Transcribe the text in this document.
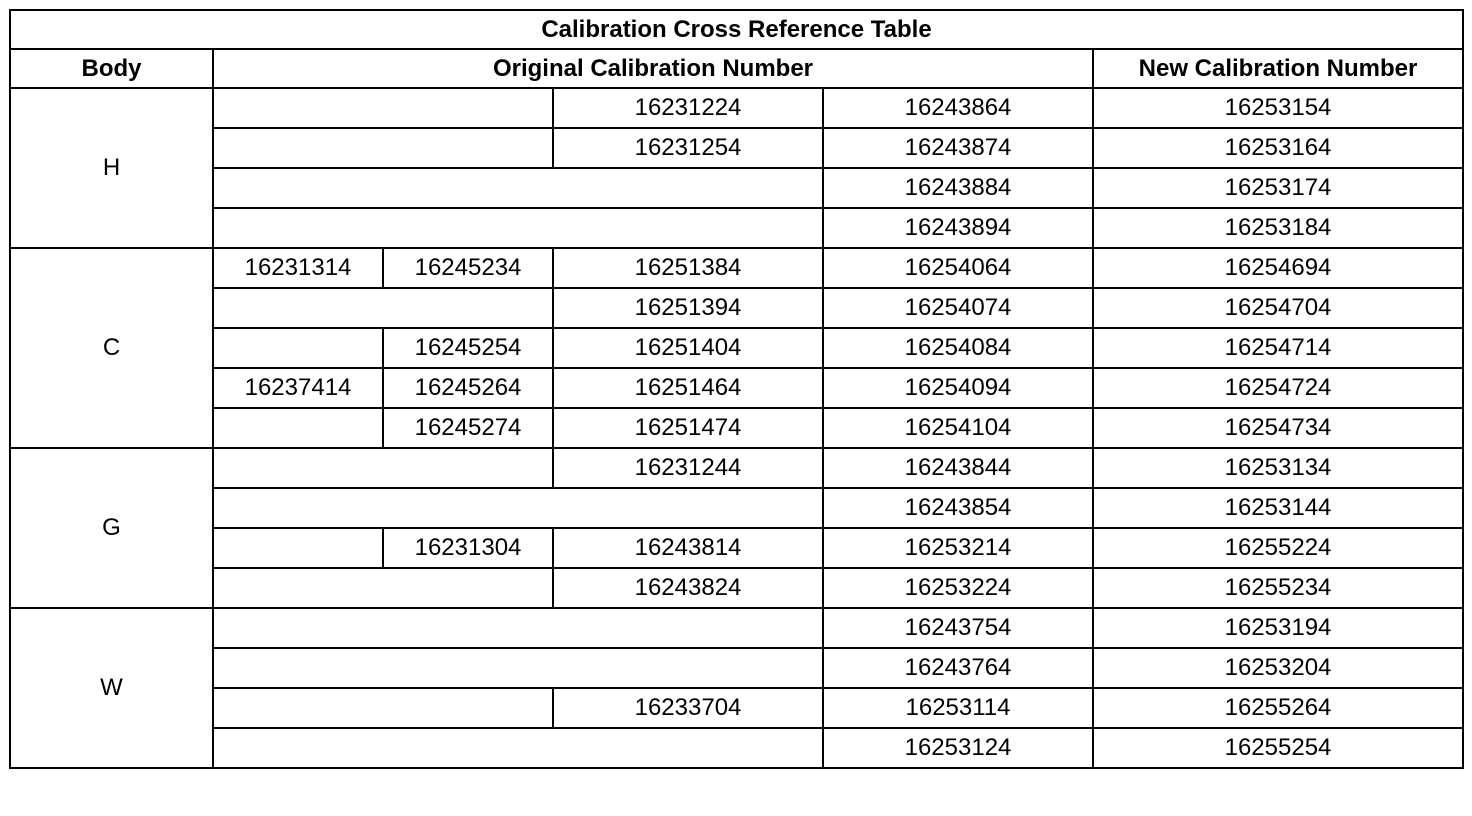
Calibration Cross Reference Table					
Body	Original Calibration Number				New Calibration Number
H			16231224	16243864	16253154
			16231254	16243874	16253164
				16243884	16253174
				16243894	16253184
C	16231314	16245234	16251384	16254064	16254694
			16251394	16254074	16254704
		16245254	16251404	16254084	16254714
	16237414	16245264	16251464	16254094	16254724
		16245274	16251474	16254104	16254734
G			16231244	16243844	16253134
				16243854	16253144
		16231304	16243814	16253214	16255224
			16243824	16253224	16255234
W				16243754	16253194
				16243764	16253204
			16233704	16253114	16255264
				16253124	16255254
